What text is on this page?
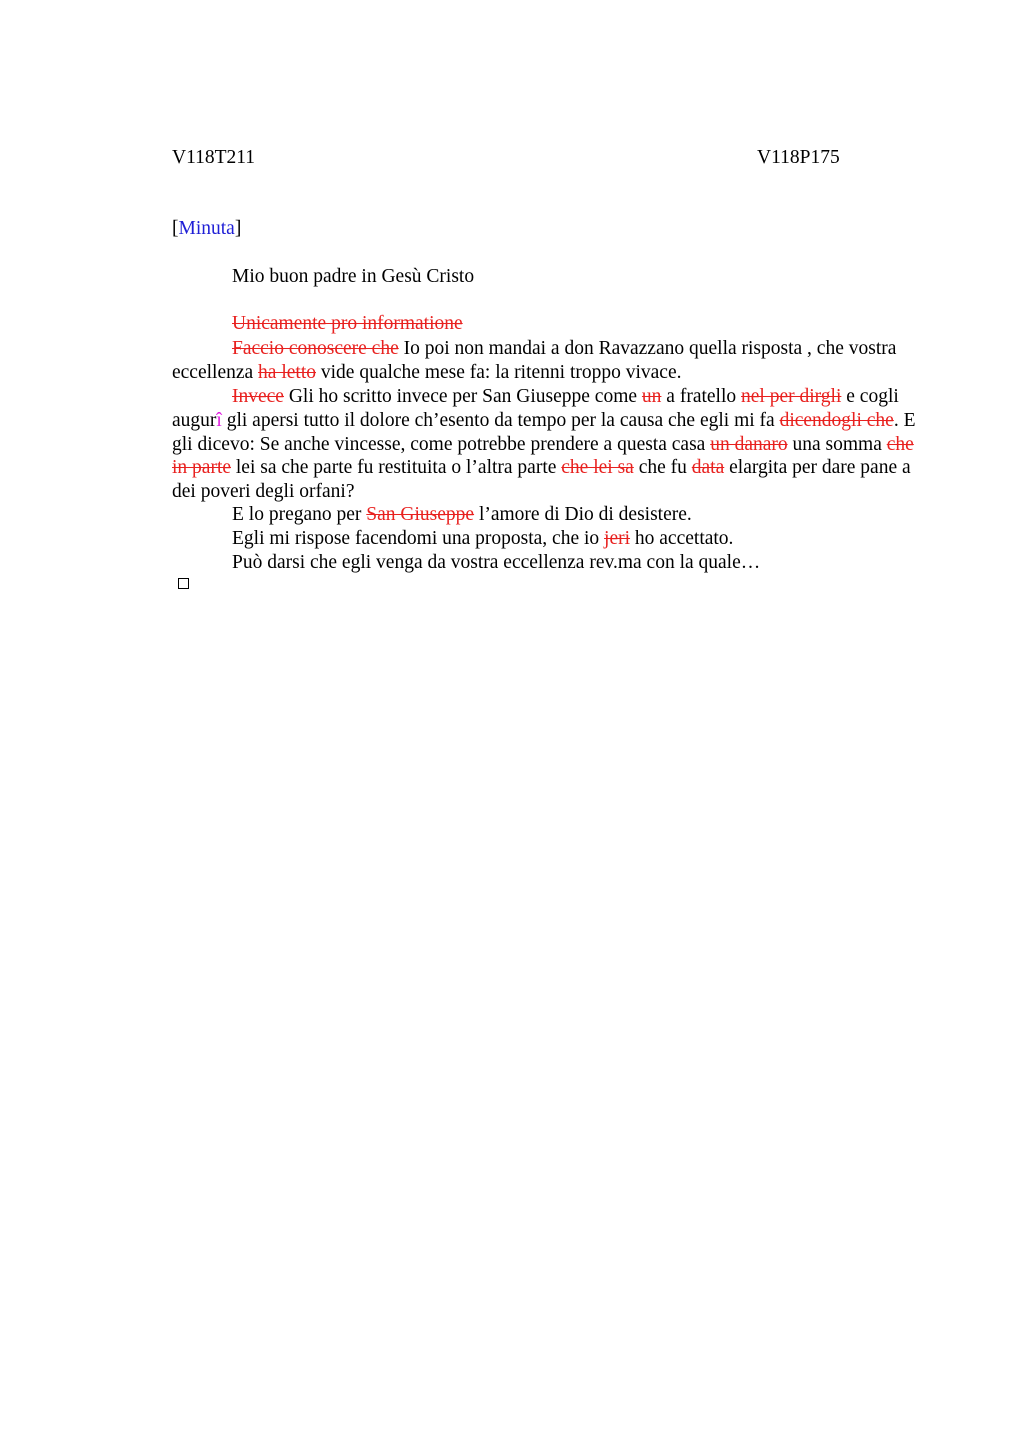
V118T211	V118P175
[Minuta]
Mio buon padre in Gesù Cristo
Unicamente pro informatione

Faccio conoscere che Io poi non mandai a don Ravazzano quella risposta , che vostra eccellenza ha letto vide qualche mese fa: la ritenni troppo vivace.

Invece Gli ho scritto invece per San Giuseppe come un a fratello nel per dirgli e cogli augurî gli apersi tutto il dolore ch’esento da tempo per la causa che egli mi fa dicendogli che. E gli dicevo: Se anche vincesse, come potrebbe prendere a questa casa un danaro una somma che in parte lei sa che parte fu restituita o l’altra parte che lei sa che fu data elargita per dare pane a dei poveri degli orfani?

E lo pregano per San Giuseppe l’amore di Dio di desistere.

Egli mi rispose facendomi una proposta, che io jeri ho accettato.

Può darsi che egli venga da vostra eccellenza rev.ma con la quale…
